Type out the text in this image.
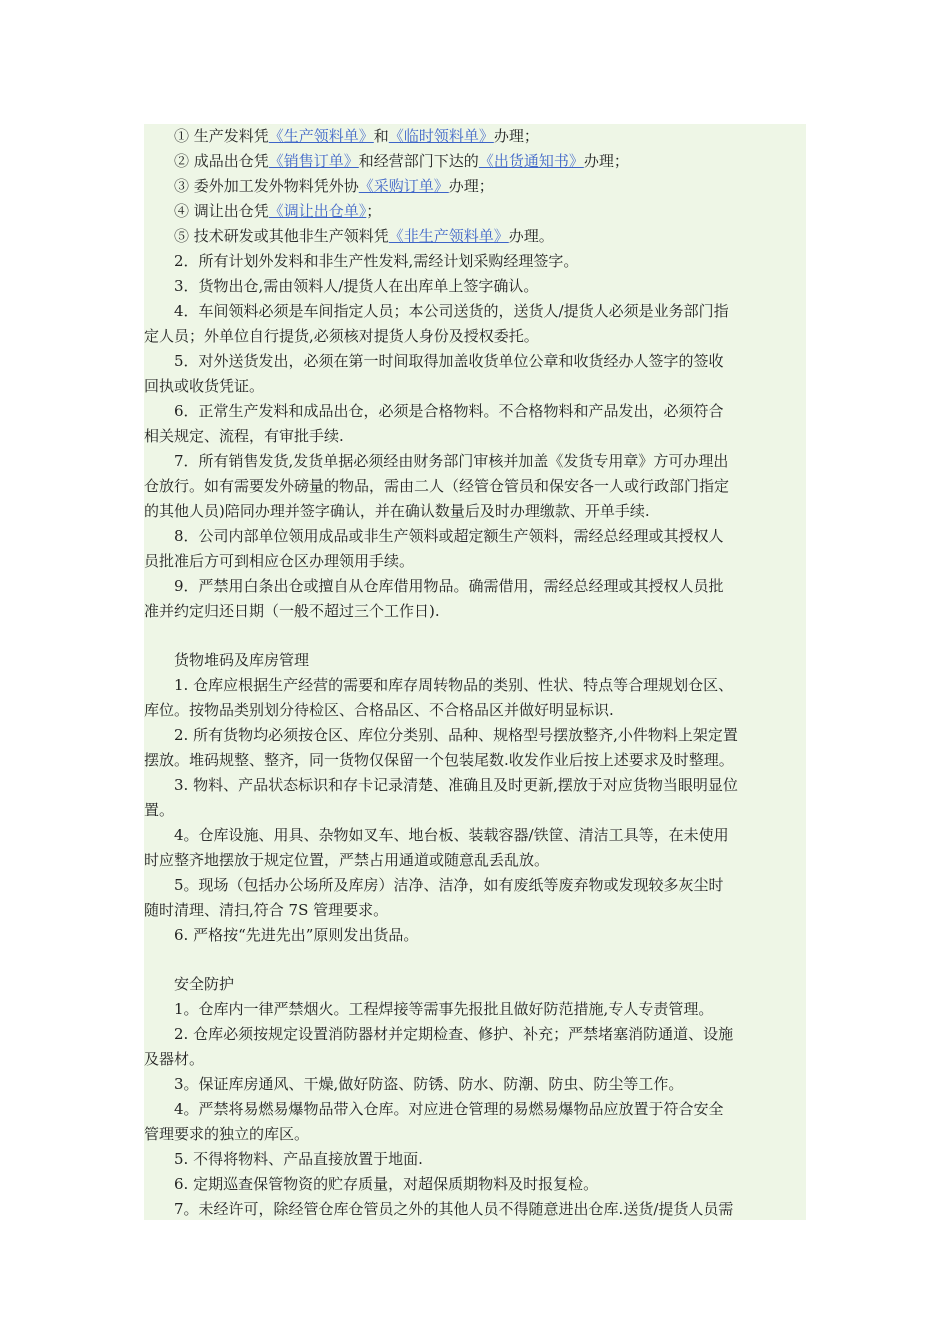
① 生产发料凭《生产领料单》和《临时领料单》办理；
② 成品出仓凭《销售订单》和经营部门下达的《出货通知书》办理；
③ 委外加工发外物料凭外协《采购订单》办理；
④ 调让出仓凭《调让出仓单》；
⑤ 技术研发或其他非生产领料凭《非生产领料单》办理。
2．所有计划外发料和非生产性发料,需经计划采购经理签字。
3．货物出仓,需由领料人/提货人在出库单上签字确认。
4．车间领料必须是车间指定人员；本公司送货的，送货人/提货人必须是业务部门指
定人员；外单位自行提货,必须核对提货人身份及授权委托。
5．对外送货发出，必须在第一时间取得加盖收货单位公章和收货经办人签字的签收
回执或收货凭证。
6．正常生产发料和成品出仓，必须是合格物料。不合格物料和产品发出，必须符合
相关规定、流程，有审批手续.
7．所有销售发货,发货单据必须经由财务部门审核并加盖《发货专用章》方可办理出
仓放行。如有需要发外磅量的物品，需由二人（经管仓管员和保安各一人或行政部门指定
的其他人员)陪同办理并签字确认，并在确认数量后及时办理缴款、开单手续.
8．公司内部单位领用成品或非生产领料或超定额生产领料，需经总经理或其授权人
员批准后方可到相应仓区办理领用手续。
9．严禁用白条出仓或擅自从仓库借用物品。确需借用，需经总经理或其授权人员批
准并约定归还日期（一般不超过三个工作日).
货物堆码及库房管理
1. 仓库应根据生产经营的需要和库存周转物品的类别、性状、特点等合理规划仓区、
库位。按物品类别划分待检区、合格品区、不合格品区并做好明显标识.
2. 所有货物均必须按仓区、库位分类别、品种、规格型号摆放整齐,小件物料上架定置
摆放。堆码规整、整齐，同一货物仅保留一个包装尾数.收发作业后按上述要求及时整理。
3. 物料、产品状态标识和存卡记录清楚、准确且及时更新,摆放于对应货物当眼明显位
置。
4。仓库设施、用具、杂物如叉车、地台板、装载容器/铁筐、清洁工具等，在未使用
时应整齐地摆放于规定位置，严禁占用通道或随意乱丢乱放。
5。现场（包括办公场所及库房）洁净、洁净，如有废纸等废弃物或发现较多灰尘时
随时清理、清扫,符合 7S 管理要求。
6. 严格按“先进先出”原则发出货品。
安全防护
1。仓库内一律严禁烟火。工程焊接等需事先报批且做好防范措施,专人专责管理。
2. 仓库必须按规定设置消防器材并定期检查、修护、补充；严禁堵塞消防通道、设施
及器材。
3。保证库房通风、干燥,做好防盗、防锈、防水、防潮、防虫、防尘等工作。
4。严禁将易燃易爆物品带入仓库。对应进仓管理的易燃易爆物品应放置于符合安全
管理要求的独立的库区。
5. 不得将物料、产品直接放置于地面.
6. 定期巡查保管物资的贮存质量，对超保质期物料及时报复检。
7。未经许可，除经管仓库仓管员之外的其他人员不得随意进出仓库.送货/提货人员需
